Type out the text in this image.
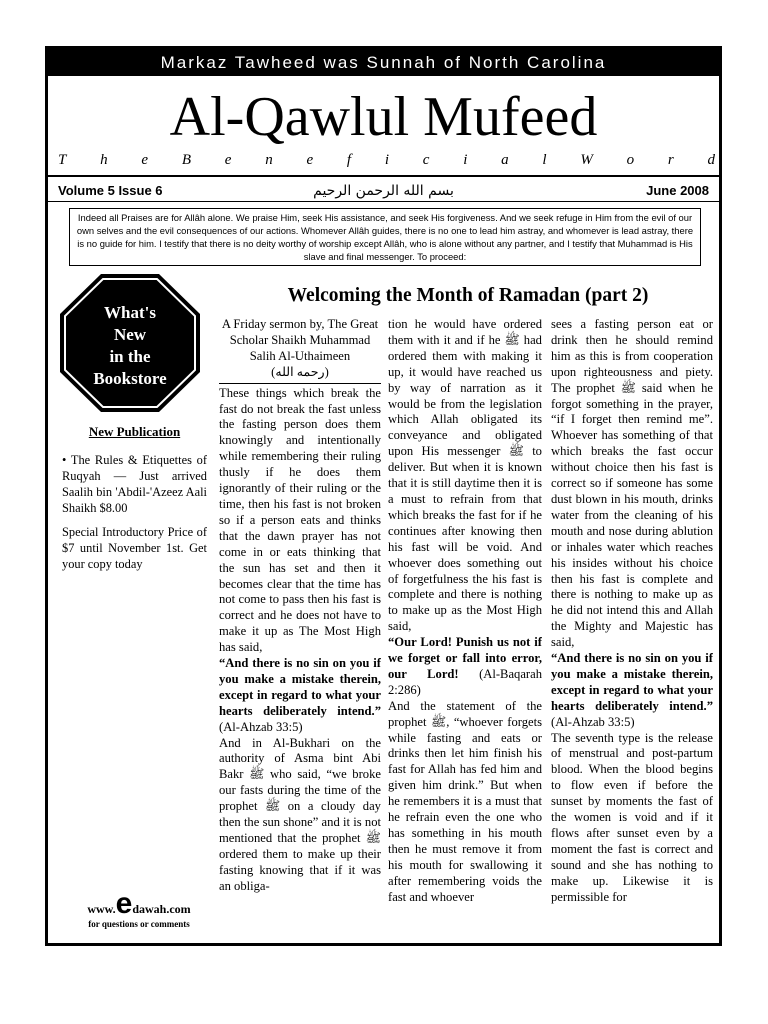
Markaz Tawheed was Sunnah of North Carolina
Al-Qawlul Mufeed
T h e B e n e f i c i a l W o r d
Volume 5 Issue 6	بسم الله الرحمن الرحيم	June 2008
Indeed all Praises are for Allâh alone. We praise Him, seek His assistance, and seek His forgiveness. And we seek refuge in Him from the evil of our own selves and the evil consequences of our actions. Whomever Allâh guides, there is no one to lead him astray, and whomever is lead astray, there is no guide for him. I testify that there is no deity worthy of worship except Allâh, who is alone without any partner, and I testify that Muhammad is His slave and final messenger. To proceed:
What's
New
in the
Bookstore
New Publication

• The Rules & Etiquettes of Ruqyah — Just arrived Saalih bin 'Abdil-'Azeez Aali Shaikh $8.00

Special Introductory Price of $7 until November 1st. Get your copy today

www.edawah.com
for questions or comments
Welcoming the Month of Ramadan (part 2)
A Friday sermon by, The Great Scholar Shaikh Muhammad Salih Al-Uthaimeen
(رحمه الله)

These things which break the fast do not break the fast unless the fasting person does them knowingly and intentionally while remembering their ruling thusly if he does them ignorantly of their ruling or the time, then his fast is not broken so if a person eats and thinks that the dawn prayer has not come in or eats thinking that the sun has set and then it becomes clear that the time has not come to pass then his fast is correct and he does not have to make it up as The Most High has said,

“And there is no sin on you if you make a mistake therein, except in regard to what your hearts deliberately intend.” (Al-Ahzab 33:5)

And in Al-Bukhari on the authority of Asma bint Abi Bakr ﷺ who said, “we broke our fasts during the time of the prophet ﷺ on a cloudy day then the sun shone” and it is not mentioned that the prophet ﷺ ordered them to make up their fasting knowing that if it was an obliga-

tion he would have ordered them with it and if he ﷺ had ordered them with making it up, it would have reached us by way of narration as it would be from the legislation which Allah obligated its conveyance and obligated upon His messenger ﷺ to deliver. But when it is known that it is still daytime then it is a must to refrain from that which breaks the fast for if he continues after knowing then his fast will be void. And whoever does something out of forgetfulness the his fast is complete and there is nothing to make up as the Most High said,

“Our Lord! Punish us not if we forget or fall into error, our Lord! (Al-Baqarah 2:286)

And the statement of the prophet ﷺ, “whoever forgets while fasting and eats or drinks then let him finish his fast for Allah has fed him and given him drink.” But when he remembers it is a must that he refrain even the one who has something in his mouth then he must remove it from his mouth for swallowing it after remembering voids the fast and whoever

sees a fasting person eat or drink then he should remind him as this is from cooperation upon righteousness and piety. The prophet ﷺ said when he forgot something in the prayer, “if I forget then remind me”. Whoever has something of that which breaks the fast occur without choice then his fast is correct so if someone has some dust blown in his mouth, drinks water from the cleaning of his mouth and nose during ablution or inhales water which reaches his insides without his choice then his fast is complete and there is nothing to make up as he did not intend this and Allah the Mighty and Majestic has said,

“And there is no sin on you if you make a mistake therein, except in regard to what your hearts deliberately intend.” (Al-Ahzab 33:5)

The seventh type is the release of menstrual and post-partum blood. When the blood begins to flow even if before the sunset by moments the fast of the women is void and if it flows after sunset even by a moment the fast is correct and sound and she has nothing to make up. Likewise it is permissible for
